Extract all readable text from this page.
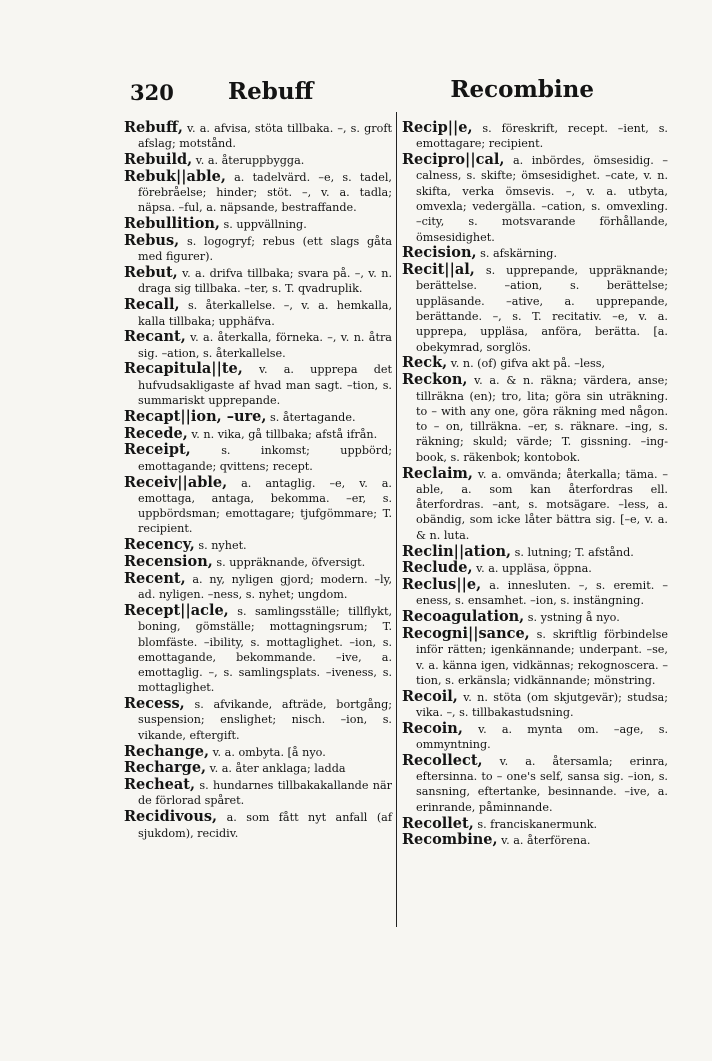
320 Rebuff	Recombine

Rebuff, v. a. afvisa, stöta tillbaka. –, s. groft afslag; motstånd.

Rebuild, v. a. återuppbygga.

Rebuk||able, a. tadelvärd. –e, s. tadel, förebråelse; hinder; stöt. –, v. a. tadla; näpsa. –ful, a. näpsande, bestraffande.

Rebullition, s. uppvällning.

Rebus, s. logogryf; rebus (ett slags gåta med figurer).

Rebut, v. a. drifva tillbaka; svara på. –, v. n. draga sig tillbaka. –ter, s. T. qvadruplik.

Recall, s. återkallelse. –, v. a. hemkalla, kalla tillbaka; upphäfva.

Recant, v. a. återkalla, förneka. –, v. n. åtra sig. –ation, s. återkallelse.

Recapitula||te, v. a. upprepa det hufvudsakligaste af hvad man sagt. –tion, s. summariskt upprepande.

Recapt||ion, –ure, s. återtagande.

Recede, v. n. vika, gå tillbaka; afstå ifrån.

Receipt,	s. inkomst; uppbörd; emottagande; qvittens; recept.

Receiv||able, a. antaglig. –e, v. a. emottaga, antaga, bekomma. –er, s. uppbördsman; emottagare; tjufgömmare; T. recipient.

Recency, s. nyhet.

Recension, s. uppräknande, öfversigt.

Recent, a. ny, nyligen gjord; modern. –ly, ad. nyligen. –ness, s. nyhet; ungdom.

Recept||acle, s. samlingsställe; tillflykt, boning, gömställe; mottagningsrum; T. blomfäste. –ibility, s. mottaglighet. –ion, s. emottagande, bekommande. –ive, a. emottaglig. –, s. samlingsplats. –iveness, s. mottaglighet.

Recess, s. afvikande, afträde, bortgång; suspension; enslighet; nisch. –ion, s. vikande, eftergift.

Rechange, v. a. ombyta. [å nyo.

Recharge, v. a. åter anklaga; ladda

Recheat, s. hundarnes tillbakakallande när de förlorad spåret.

Recidivous, a. som fått nyt anfall (af sjukdom), recidiv.

Recip||e, s. föreskrift, recept. –ient, s. emottagare; recipient.

Recipro||cal, a. inbördes, ömsesidig. –calness, s. skifte; ömsesidighet. –cate, v. n. skifta, verka ömsevis. –, v. a. utbyta, omvexla; vedergälla. –cation, s. omvexling. –city, s. motsvarande förhållande, ömsesidighet.

Recision, s. afskärning.

Recit||al, s. upprepande, uppräknande; berättelse. –ation, s. berättelse; uppläsande. –ative, a. upprepande, berättande. –, s. T. recitativ. –e, v. a. upprepa, uppläsa, anföra, berätta. [a. obekymrad, sorglös.

Reck, v. n. (of) gifva akt på. –less,

Reckon, v. a. & n. räkna; värdera, anse; tillräkna (en); tro, lita; göra sin uträkning. to – with any one, göra räkning med någon. to – on, tillräkna. –er, s. räknare. –ing, s. räkning; skuld; värde; T. gissning. –ing-book, s. räkenbok; kontobok.

Reclaim, v. a. omvända; återkalla; täma. –able, a. som kan återfordras ell. återfordras. –ant, s. motsägare. –less, a. obändig, som icke låter bättra sig. [–e, v. a. & n. luta.

Reclin||ation, s. lutning; T. afstånd.

Reclude, v. a. uppläsa, öppna.

Reclus||e, a. innesluten. –, s. eremit. –eness, s. ensamhet. –ion, s. instängning.

Recoagulation, s. ystning å nyo.

Recogni||sance, s. skriftlig förbindelse inför rätten; igenkännande; underpant. –se, v. a. känna igen, vidkännas; rekognoscera. –tion, s. erkänsla; vidkännande; mönstring.

Recoil, v. n. stöta (om skjutgevär); studsa; vika. –, s. tillbakastudsning.

Recoin, v. a. mynta om. –age, s. ommyntning.

Recollect, v. a. återsamla; erinra, eftersinna. to – one's self, sansa sig. –ion, s. sansning, eftertanke, besinnande. –ive, a. erinrande, påminnande.

Recollet, s. franciskanermunk.

Recombine, v. a. återförena.
